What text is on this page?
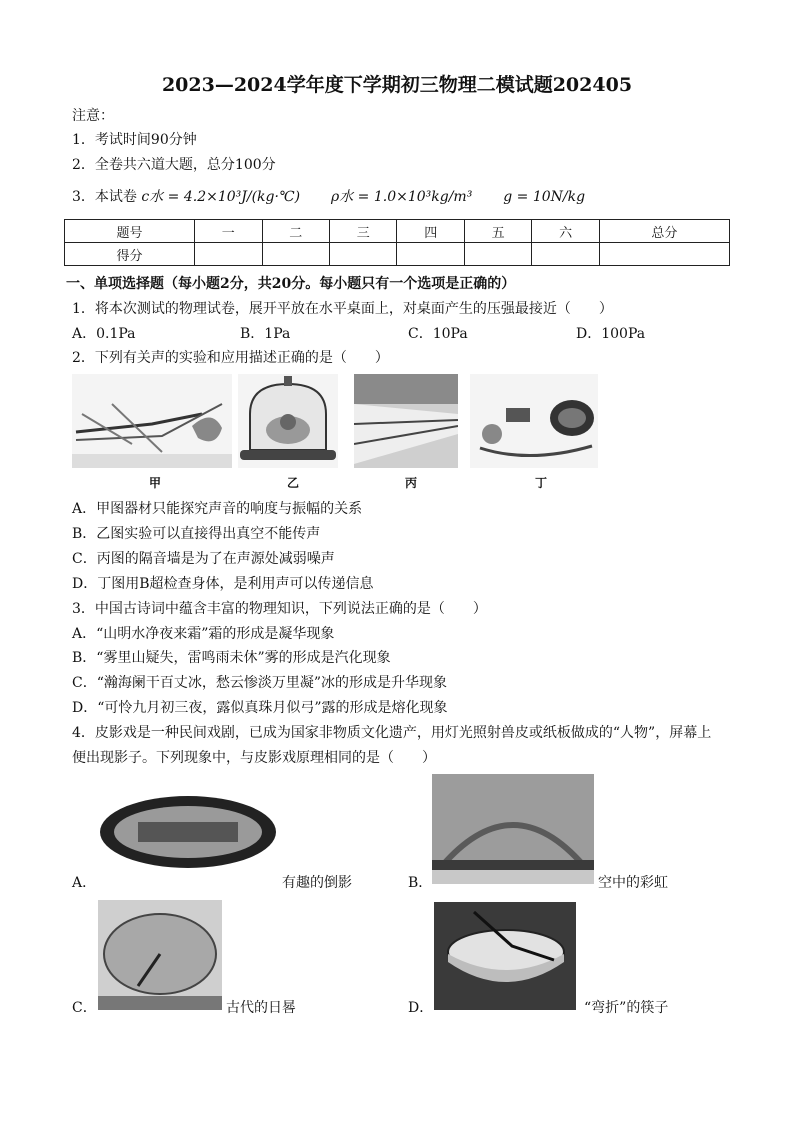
2023—2024学年度下学期初三物理二模试题202405
注意：
1．考试时间90分钟
2．全卷共六道大题，总分100分
3．本试卷 c水 = 4.2×10³J/(kg·℃) ρ水 = 1.0×10³kg/m³ g = 10N/kg
题号	一	二	三	四	五	六	总分
得分							
一、单项选择题（每小题2分，共20分。每小题只有一个选项是正确的）
1．将本次测试的物理试卷，展开平放在水平桌面上，对桌面产生的压强最接近（　　）
A．0.1Pa	B．1Pa	C．10Pa	D．100Pa
2．下列有关声的实验和应用描述正确的是（　　）
甲	乙	丙	丁
A．甲图器材只能探究声音的响度与振幅的关系
B．乙图实验可以直接得出真空不能传声
C．丙图的隔音墙是为了在声源处减弱噪声
D．丁图用B超检查身体，是利用声可以传递信息
3．中国古诗词中蕴含丰富的物理知识，下列说法正确的是（　　）
A．“山明水净夜来霜”霜的形成是凝华现象
B．“雾里山疑失，雷鸣雨未休”雾的形成是汽化现象
C．“瀚海阑干百丈冰，愁云惨淡万里凝”冰的形成是升华现象
D．“可怜九月初三夜，露似真珠月似弓”露的形成是熔化现象
4．皮影戏是一种民间戏剧，已成为国家非物质文化遗产，用灯光照射兽皮或纸板做成的“人物”，屏幕上
便出现影子。下列现象中，与皮影戏原理相同的是（　　）
A．	有趣的倒影	B．	空中的彩虹
C．	古代的日晷	D．	“弯折”的筷子
